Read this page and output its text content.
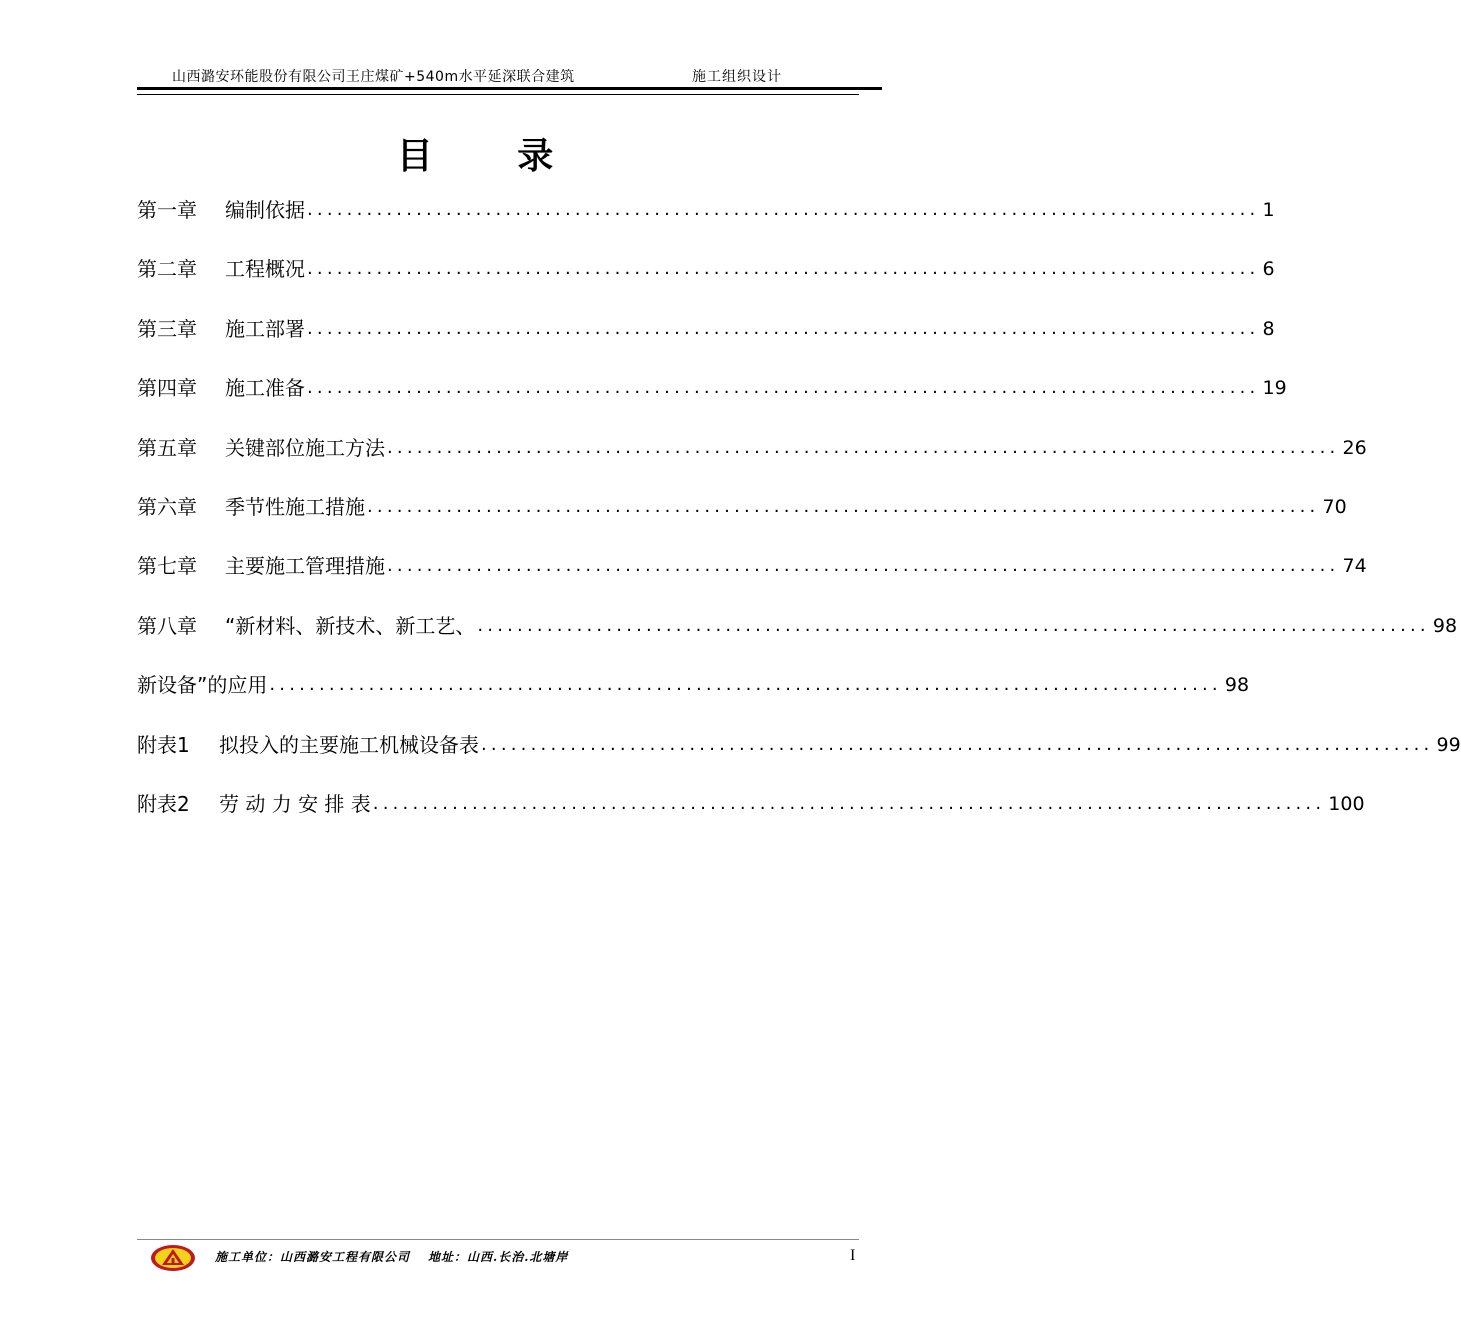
山西潞安环能股份有限公司王庄煤矿+540m水平延深联合建筑	施工组织设计
目 录
第一章	编制依据 ................................................................................................ 1
第二章	工程概况 ................................................................................................ 6
第三章	施工部署 ................................................................................................ 8
第四章	施工准备 ................................................................................................ 19
第五章	关键部位施工方法 ................................................................................................ 26
第六章	季节性施工措施 ................................................................................................ 70
第七章	主要施工管理措施 ................................................................................................ 74
第八章	“新材料、新技术、新工艺、 ................................................................................................ 98
新设备”的应用 ................................................................................................ 98
附表1	拟投入的主要施工机械设备表 ................................................................................................ 99
附表2	劳 动 力 安 排 表 ................................................................................................ 100
施工单位：山西潞安工程有限公司 地址：山西.长治.北塘岸	I
